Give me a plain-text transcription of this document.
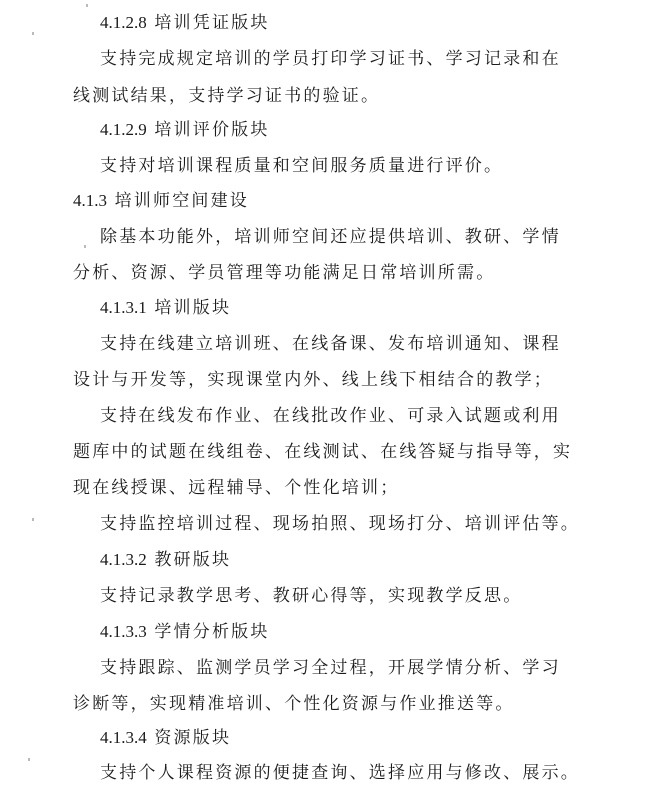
4.1.2.8 培训凭证版块
支持完成规定培训的学员打印学习证书、学习记录和在
线测试结果，支持学习证书的验证。
4.1.2.9 培训评价版块
支持对培训课程质量和空间服务质量进行评价。
4.1.3 培训师空间建设
除基本功能外，培训师空间还应提供培训、教研、学情
分析、资源、学员管理等功能满足日常培训所需。
4.1.3.1 培训版块
支持在线建立培训班、在线备课、发布培训通知、课程
设计与开发等，实现课堂内外、线上线下相结合的教学；
支持在线发布作业、在线批改作业、可录入试题或利用
题库中的试题在线组卷、在线测试、在线答疑与指导等，实
现在线授课、远程辅导、个性化培训；
支持监控培训过程、现场拍照、现场打分、培训评估等。
4.1.3.2 教研版块
支持记录教学思考、教研心得等，实现教学反思。
4.1.3.3 学情分析版块
支持跟踪、监测学员学习全过程，开展学情分析、学习
诊断等，实现精准培训、个性化资源与作业推送等。
4.1.3.4 资源版块
支持个人课程资源的便捷查询、选择应用与修改、展示。
